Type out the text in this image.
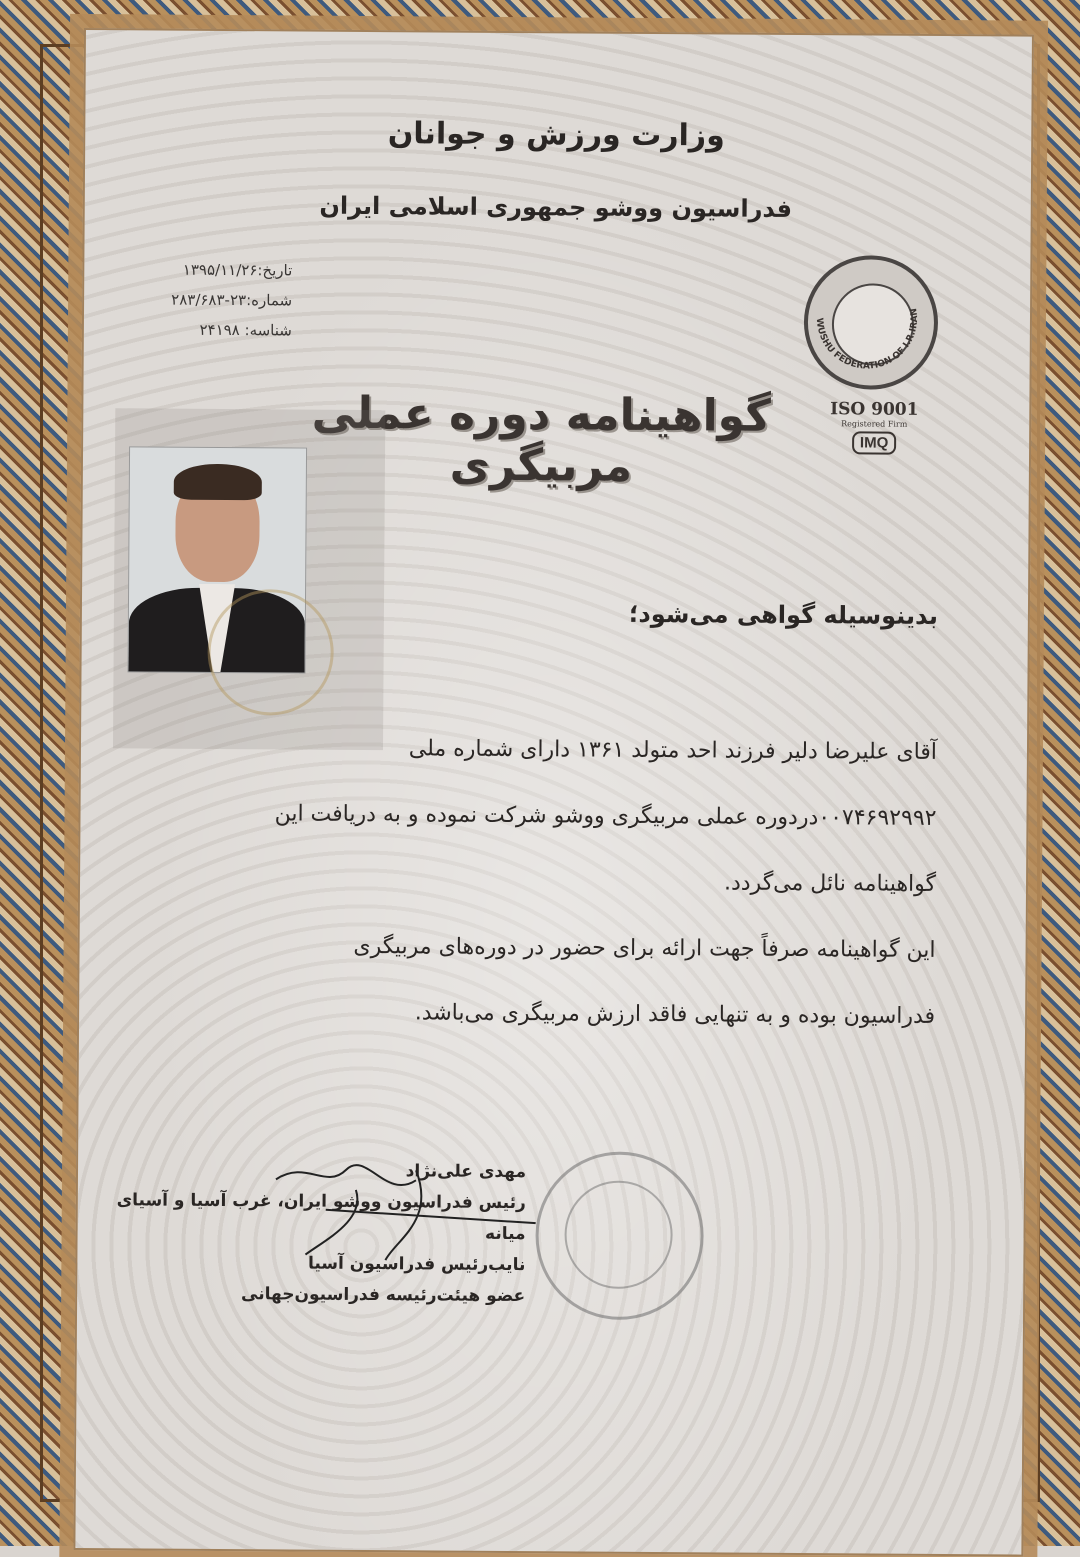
وزارت ورزش و جوانان
فدراسیون ووشو جمهوری اسلامی ایران
تاریخ:۱۳۹۵/۱۱/۲۶
شماره:۲۳-۲۸۳/۶۸۳
شناسه: ۲۴۱۹۸	WUSHU FEDERATION OF I.R.IRAN
ISO 9001
Registered Firm
IMQ
گواهینامه دوره عملی مربیگری
بدینوسیله گواهی می‌شود؛
آقای علیرضا دلیر فرزند احد متولد ۱۳۶۱ دارای شماره ملی
۰۰۷۴۶۹۲۹۹۲دردوره عملی مربیگری ووشو شرکت نموده و به دریافت این
گواهینامه نائل می‌گردد.
این گواهینامه صرفاً جهت ارائه برای حضور در دوره‌های مربیگری
فدراسیون بوده و به تنهایی فاقد ارزش مربیگری می‌باشد.
مهدی علی‌نژاد
رئیس فدراسیون ووشو ایران، غرب آسیا و آسیای میانه
نایب‌رئیس فدراسیون آسیا
عضو هیئت‌رئیسه فدراسیون‌جهانی
